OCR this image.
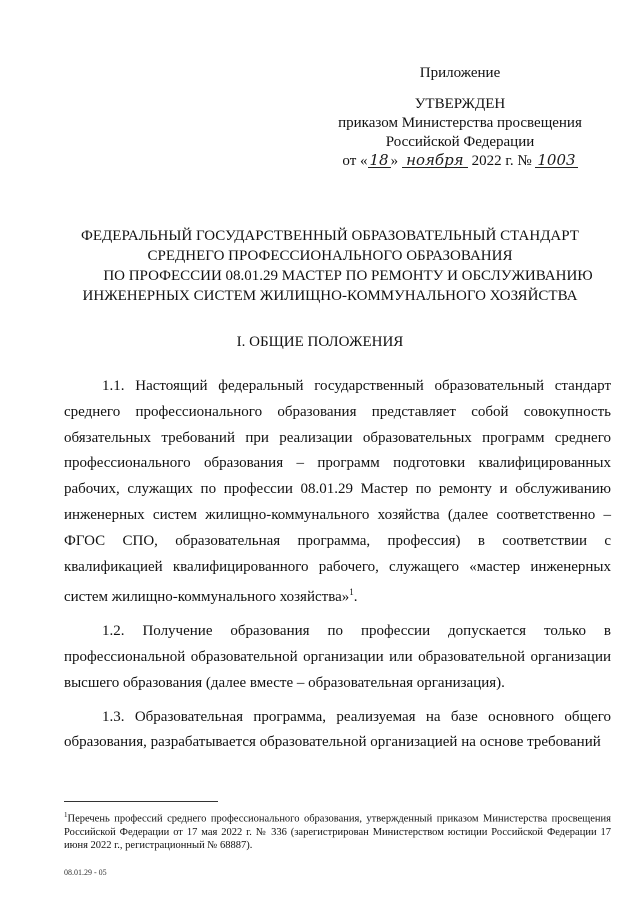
Приложение
УТВЕРЖДЕН
приказом Министерства просвещения
Российской Федерации
от « 18 » ноября 2022 г. № 1003
ФЕДЕРАЛЬНЫЙ ГОСУДАРСТВЕННЫЙ ОБРАЗОВАТЕЛЬНЫЙ СТАНДАРТ
СРЕДНЕГО ПРОФЕССИОНАЛЬНОГО ОБРАЗОВАНИЯ
ПО ПРОФЕССИИ 08.01.29 МАСТЕР ПО РЕМОНТУ И ОБСЛУЖИВАНИЮ
ИНЖЕНЕРНЫХ СИСТЕМ ЖИЛИЩНО-КОММУНАЛЬНОГО ХОЗЯЙСТВА
I. ОБЩИЕ ПОЛОЖЕНИЯ

1.1. Настоящий федеральный государственный образовательный стандарт среднего профессионального образования представляет собой совокупность обязательных требований при реализации образовательных программ среднего профессионального образования – программ подготовки квалифицированных рабочих, служащих по профессии 08.01.29 Мастер по ремонту и обслуживанию инженерных систем жилищно-коммунального хозяйства (далее соответственно – ФГОС СПО, образовательная программа, профессия) в соответствии с квалификацией квалифицированного рабочего, служащего «мастер инженерных систем жилищно-коммунального хозяйства»$^1$.

1.2. Получение образования по профессии допускается только в профессиональной образовательной организации или образовательной организации высшего образования (далее вместе – образовательная организация).

1.3. Образовательная программа, реализуемая на базе основного общего образования, разрабатывается образовательной организацией на основе требований

$^1$Перечень профессий среднего профессионального образования, утвержденный приказом Министерства просвещения Российской Федерации от 17 мая 2022 г. № 336 (зарегистрирован Министерством юстиции Российской Федерации 17 июня 2022 г., регистрационный № 68887).
08.01.29 - 05
